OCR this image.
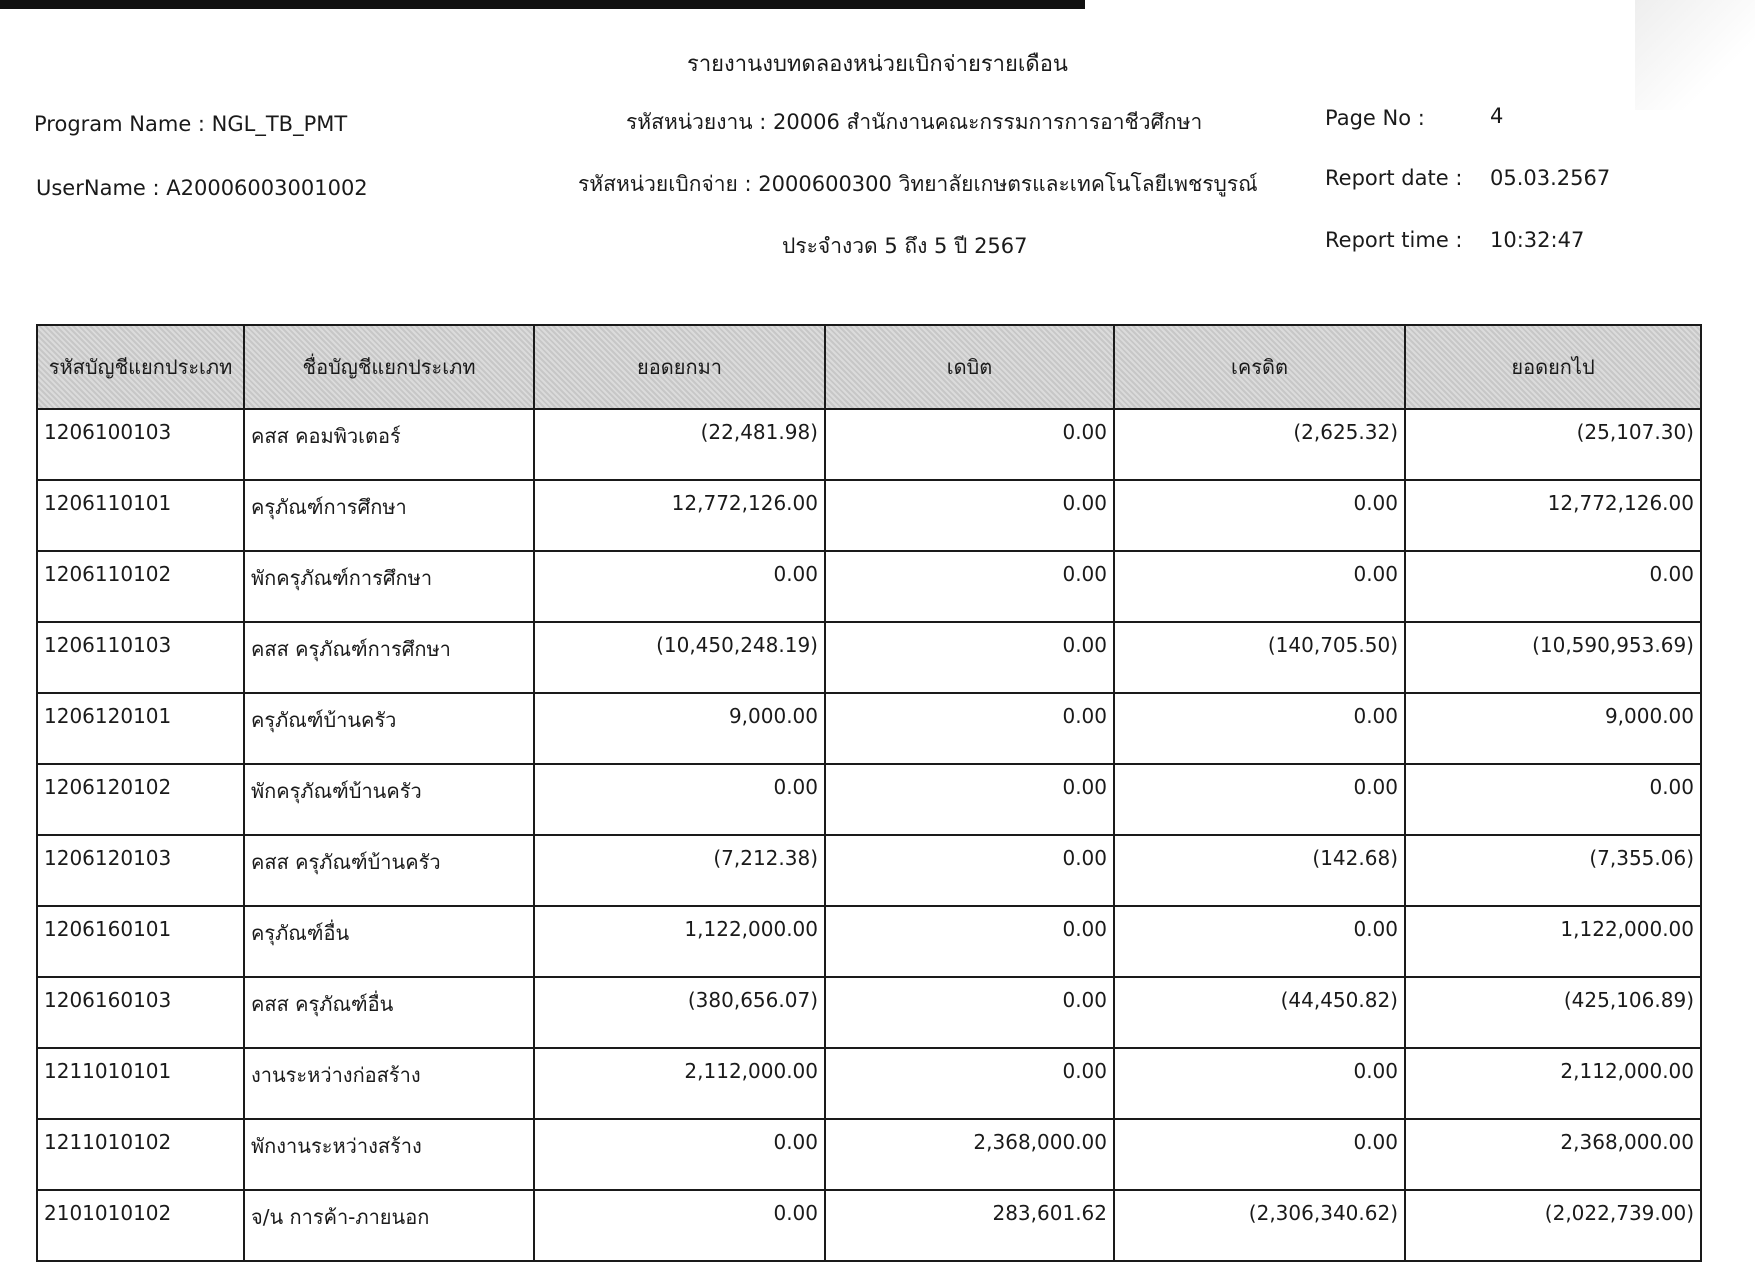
รายงานงบทดลองหน่วยเบิกจ่ายรายเดือน
Program Name : NGL_TB_PMT
UserName : A20006003001002
รหัสหน่วยงาน : 20006 สำนักงานคณะกรรมการการอาชีวศึกษา
รหัสหน่วยเบิกจ่าย : 2000600300 วิทยาลัยเกษตรและเทคโนโลยีเพชรบูรณ์
ประจำงวด 5 ถึง 5 ปี 2567
Page No :	4
Report date : 05.03.2567
Report time : 10:32:47
รหัสบัญชีแยกประเภท	ชื่อบัญชีแยกประเภท	ยอดยกมา	เดบิต	เครดิต	ยอดยกไป
1206100103	คสส คอมพิวเตอร์	(22,481.98)	0.00	(2,625.32)	(25,107.30)
1206110101	ครุภัณฑ์การศึกษา	12,772,126.00	0.00	0.00	12,772,126.00
1206110102	พักครุภัณฑ์การศึกษา	0.00	0.00	0.00	0.00
1206110103	คสส ครุภัณฑ์การศึกษา	(10,450,248.19)	0.00	(140,705.50)	(10,590,953.69)
1206120101	ครุภัณฑ์บ้านครัว	9,000.00	0.00	0.00	9,000.00
1206120102	พักครุภัณฑ์บ้านครัว	0.00	0.00	0.00	0.00
1206120103	คสส ครุภัณฑ์บ้านครัว	(7,212.38)	0.00	(142.68)	(7,355.06)
1206160101	ครุภัณฑ์อื่น	1,122,000.00	0.00	0.00	1,122,000.00
1206160103	คสส ครุภัณฑ์อื่น	(380,656.07)	0.00	(44,450.82)	(425,106.89)
1211010101	งานระหว่างก่อสร้าง	2,112,000.00	0.00	0.00	2,112,000.00
1211010102	พักงานระหว่างสร้าง	0.00	2,368,000.00	0.00	2,368,000.00
2101010102	จ/น การค้า-ภายนอก	0.00	283,601.62	(2,306,340.62)	(2,022,739.00)
